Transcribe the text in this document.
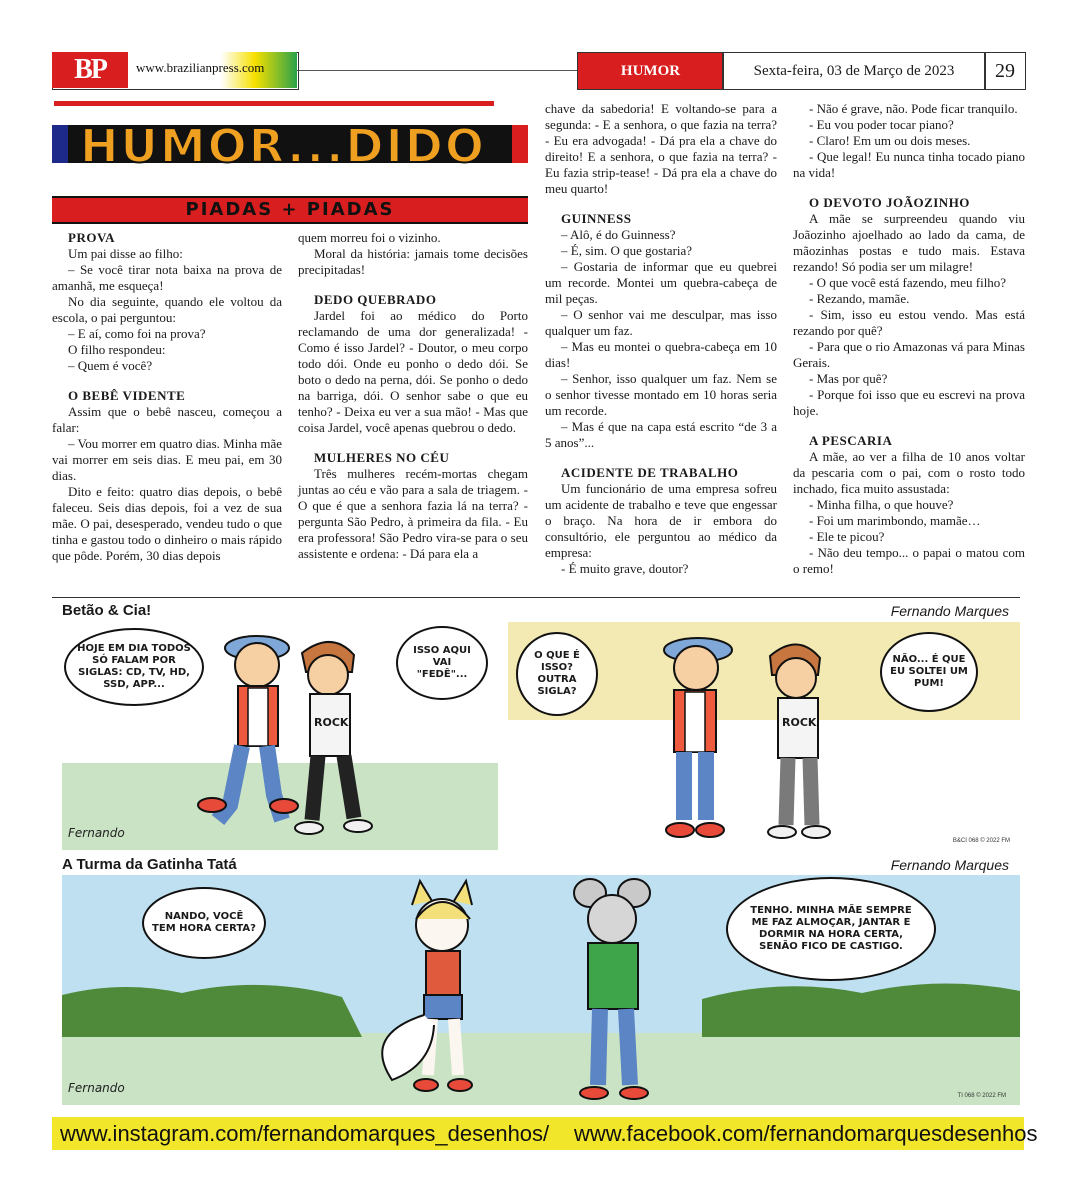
BP	www.brazilianpress.com	HUMOR	Sexta-feira, 03 de Março de 2023	29
HUMOR...DIDO
PIADAS + PIADAS
PROVA

Um pai disse ao filho:

– Se você tirar nota baixa na prova de amanhã, me esqueça!

No dia seguinte, quando ele voltou da escola, o pai perguntou:

– E aí, como foi na prova?

O filho respondeu:

– Quem é você?

O BEBÊ VIDENTE

Assim que o bebê nasceu, começou a falar:

– Vou morrer em quatro dias. Minha mãe vai morrer em seis dias. E meu pai, em 30 dias.

Dito e feito: quatro dias depois, o bebê faleceu. Seis dias depois, foi a vez de sua mãe. O pai, desesperado, vendeu tudo o que tinha e gastou todo o dinheiro o mais rápido que pôde. Porém, 30 dias depois

quem morreu foi o vizinho.

Moral da história: jamais tome decisões precipitadas!

DEDO QUEBRADO

Jardel foi ao médico do Porto reclamando de uma dor generalizada! - Como é isso Jardel? - Doutor, o meu corpo todo dói. Onde eu ponho o dedo dói. Se boto o dedo na perna, dói. Se ponho o dedo na barriga, dói. O senhor sabe o que eu tenho? - Deixa eu ver a sua mão! - Mas que coisa Jardel, você apenas quebrou o dedo.

MULHERES NO CÉU

Três mulheres recém-mortas chegam juntas ao céu e vão para a sala de triagem. - O que é que a senhora fazia lá na terra? - pergunta São Pedro, à primeira da fila. - Eu era professora! São Pedro vira-se para o seu assistente e ordena: - Dá para ela a

chave da sabedoria! E voltando-se para a segunda: - E a senhora, o que fazia na terra? - Eu era advogada! - Dá pra ela a chave do direito! E a senhora, o que fazia na terra? - Eu fazia strip-tease! - Dá pra ela a chave do meu quarto!

GUINNESS

– Alô, é do Guinness?

– É, sim. O que gostaria?

– Gostaria de informar que eu quebrei um recorde. Montei um quebra-cabeça de mil peças.

– O senhor vai me desculpar, mas isso qualquer um faz.

– Mas eu montei o quebra-cabeça em 10 dias!

– Senhor, isso qualquer um faz. Nem se o senhor tivesse montado em 10 horas seria um recorde.

– Mas é que na capa está escrito “de 3 a 5 anos”...

ACIDENTE DE TRABALHO

Um funcionário de uma empresa sofreu um acidente de trabalho e teve que engessar o braço. Na hora de ir embora do consultório, ele perguntou ao médico da empresa:

- É muito grave, doutor?

- Não é grave, não. Pode ficar tranquilo.

- Eu vou poder tocar piano?

- Claro! Em um ou dois meses.

- Que legal! Eu nunca tinha tocado piano na vida!

O DEVOTO JOÃOZINHO

A mãe se surpreendeu quando viu Joãozinho ajoelhado ao lado da cama, de mãozinhas postas e tudo mais. Estava rezando! Só podia ser um milagre!

- O que você está fazendo, meu filho?

- Rezando, mamãe.

- Sim, isso eu estou vendo. Mas está rezando por quê?

- Para que o rio Amazonas vá para Minas Gerais.

- Mas por quê?

- Porque foi isso que eu escrevi na prova hoje.

A PESCARIA

A mãe, ao ver a filha de 10 anos voltar da pescaria com o pai, com o rosto todo inchado, fica muito assustada:

- Minha filha, o que houve?

- Foi um marimbondo, mamãe…

- Ele te picou?

- Não deu tempo... o papai o matou com o remo!

Betão & Cia!	Fernando Marques
ROCK
HOJE EM DIA TODOS SÓ FALAM POR SIGLAS: CD, TV, HD, SSD, APP...
ISSO AQUI VAI "FEDÊ"...
Fernando
ROCK
O QUE É ISSO? OUTRA SIGLA?
NÃO... É QUE EU SOLTEI UM PUM!
B&CI 068 © 2022 FM
A Turma da Gatinha Tatá	Fernando Marques
NANDO, VOCÊ TEM HORA CERTA?
TENHO. MINHA MÃE SEMPRE ME FAZ ALMOÇAR, JANTAR E DORMIR NA HORA CERTA, SENÃO FICO DE CASTIGO.
Fernando
TI 068 © 2022 FM
www.instagram.com/fernandomarques_desenhos/ www.facebook.com/fernandomarquesdesenhos
